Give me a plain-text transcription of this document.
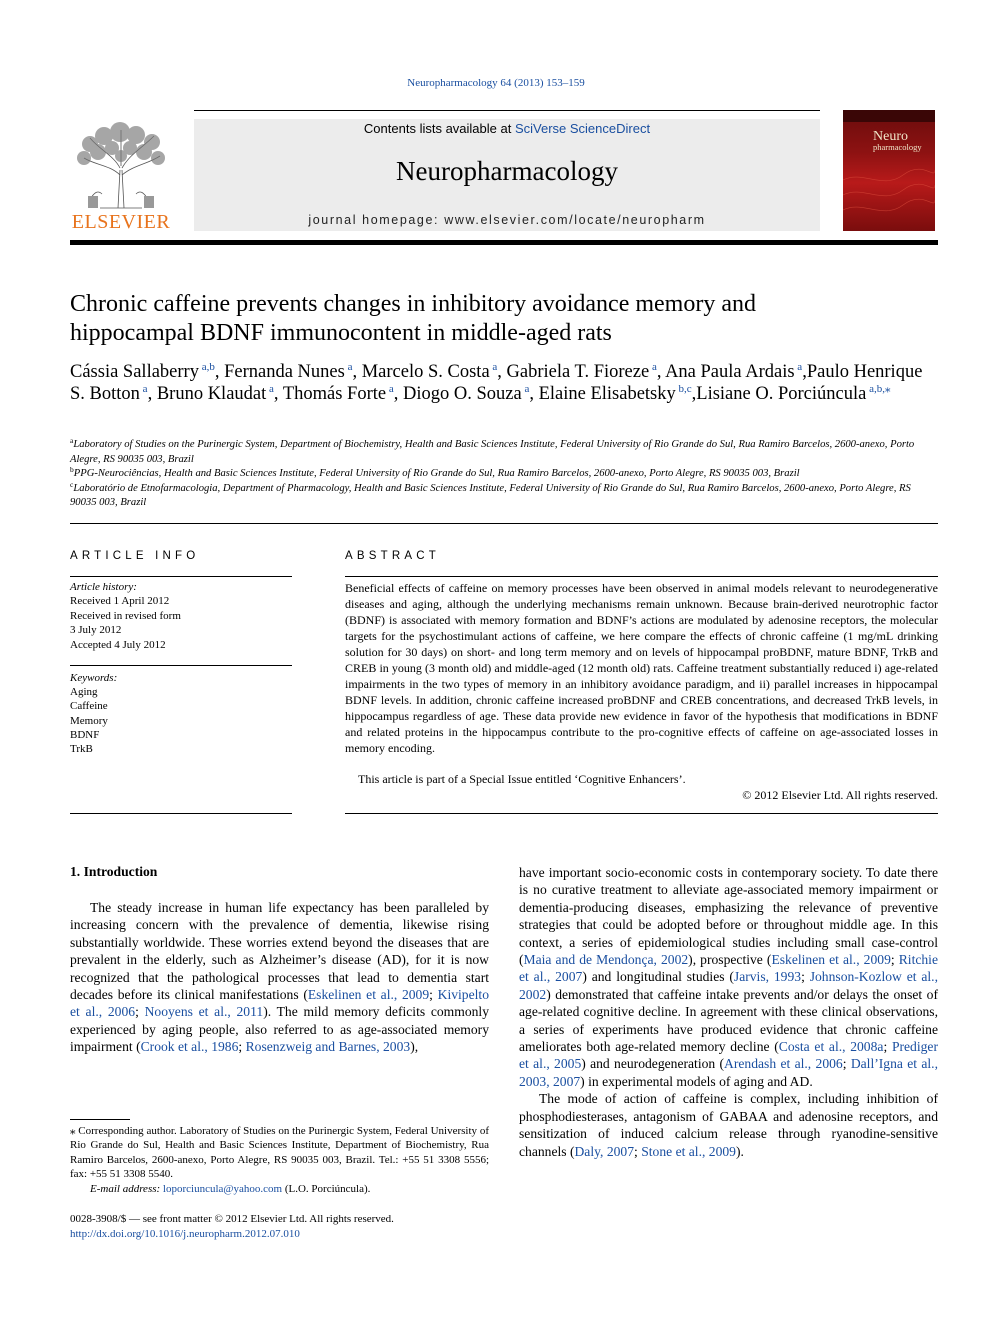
Neuropharmacology 64 (2013) 153–159
ELSEVIER
Contents lists available at SciVerse ScienceDirect
Neuropharmacology
journal homepage: www.elsevier.com/locate/neuropharm
Neuro
pharmacology
Chronic caffeine prevents changes in inhibitory avoidance memory and
hippocampal BDNF immunocontent in middle-aged rats
Cássia Sallaberry $^{a,b}$, Fernanda Nunes $^a$, Marcelo S. Costa $^a$, Gabriela T. Fioreze $^a$, Ana Paula Ardais $^a$,Paulo Henrique S. Botton $^a$, Bruno Klaudat $^a$, Thomás Forte $^a$, Diogo O. Souza $^a$, Elaine Elisabetsky $^{b,c}$,Lisiane O. Porciúncula $^{a,b,⁎}$
$^a$Laboratory of Studies on the Purinergic System, Department of Biochemistry, Health and Basic Sciences Institute, Federal University of Rio Grande do Sul, Rua Ramiro Barcelos, 2600-anexo, Porto Alegre, RS 90035 003, Brazil
$^b$PPG-Neurociências, Health and Basic Sciences Institute, Federal University of Rio Grande do Sul, Rua Ramiro Barcelos, 2600-anexo, Porto Alegre, RS 90035 003, Brazil
$^c$Laboratório de Etnofarmacologia, Department of Pharmacology, Health and Basic Sciences Institute, Federal University of Rio Grande do Sul, Rua Ramiro Barcelos, 2600-anexo, Porto Alegre, RS 90035 003, Brazil
ARTICLE INFO
Article history:
Received 1 April 2012
Received in revised form
3 July 2012
Accepted 4 July 2012
Keywords:
Aging
Caffeine
Memory
BDNF
TrkB
ABSTRACT
Beneficial effects of caffeine on memory processes have been observed in animal models relevant to neurodegenerative diseases and aging, although the underlying mechanisms remain unknown. Because brain-derived neurotrophic factor (BDNF) is associated with memory formation and BDNF’s actions are modulated by adenosine receptors, the molecular targets for the psychostimulant actions of caffeine, we here compare the effects of chronic caffeine (1 mg/mL drinking solution for 30 days) on short- and long term memory and on levels of hippocampal proBDNF, mature BDNF, TrkB and CREB in young (3 month old) and middle-aged (12 month old) rats. Caffeine treatment substantially reduced i) age-related impairments in the two types of memory in an inhibitory avoidance paradigm, and ii) parallel increases in hippocampal BDNF levels. In addition, chronic caffeine increased proBDNF and CREB concentrations, and decreased TrkB levels, in hippocampus regardless of age. These data provide new evidence in favor of the hypothesis that modifications in BDNF and related proteins in the hippocampus contribute to the pro-cognitive effects of caffeine on age-associated losses in memory encoding.
This article is part of a Special Issue entitled ‘Cognitive Enhancers’.
© 2012 Elsevier Ltd. All rights reserved.
1. Introduction
The steady increase in human life expectancy has been paralleled by increasing concern with the prevalence of dementia, likewise rising substantially worldwide. These worries extend beyond the diseases that are prevalent in the elderly, such as Alzheimer’s disease (AD), for it is now recognized that the pathological processes that lead to dementia start decades before its clinical manifestations (Eskelinen et al., 2009; Kivipelto et al., 2006; Nooyens et al., 2011). The mild memory deficits commonly experienced by aging people, also referred to as age-associated memory impairment (Crook et al., 1986; Rosenzweig and Barnes, 2003),

have important socio-economic costs in contemporary society. To date there is no curative treatment to alleviate age-associated memory impairment or dementia-producing diseases, emphasizing the relevance of preventive strategies that could be adopted before or throughout middle age. In this context, a series of epidemiological studies including small case-control (Maia and de Mendonça, 2002), prospective (Eskelinen et al., 2009; Ritchie et al., 2007) and longitudinal studies (Jarvis, 1993; Johnson-Kozlow et al., 2002) demonstrated that caffeine intake prevents and/or delays the onset of age-related cognitive decline. In agreement with these clinical observations, a series of experiments have produced evidence that chronic caffeine ameliorates both age-related memory decline (Costa et al., 2008a; Prediger et al., 2005) and neurodegeneration (Arendash et al., 2006; Dall’Igna et al., 2003, 2007) in experimental models of aging and AD.

The mode of action of caffeine is complex, including inhibition of phosphodiesterases, antagonism of GABAA and adenosine receptors, and sensitization of induced calcium release through ryanodine-sensitive channels (Daly, 2007; Stone et al., 2009).

⁎ Corresponding author. Laboratory of Studies on the Purinergic System, Federal University of Rio Grande do Sul, Health and Basic Sciences Institute, Department of Biochemistry, Rua Ramiro Barcelos, 2600-anexo, Porto Alegre, RS 90035 003, Brazil. Tel.: +55 51 3308 5556; fax: +55 51 3308 5540.
E-mail address: loporciuncula@yahoo.com (L.O. Porciúncula).
0028-3908/$ — see front matter © 2012 Elsevier Ltd. All rights reserved.
http://dx.doi.org/10.1016/j.neuropharm.2012.07.010
